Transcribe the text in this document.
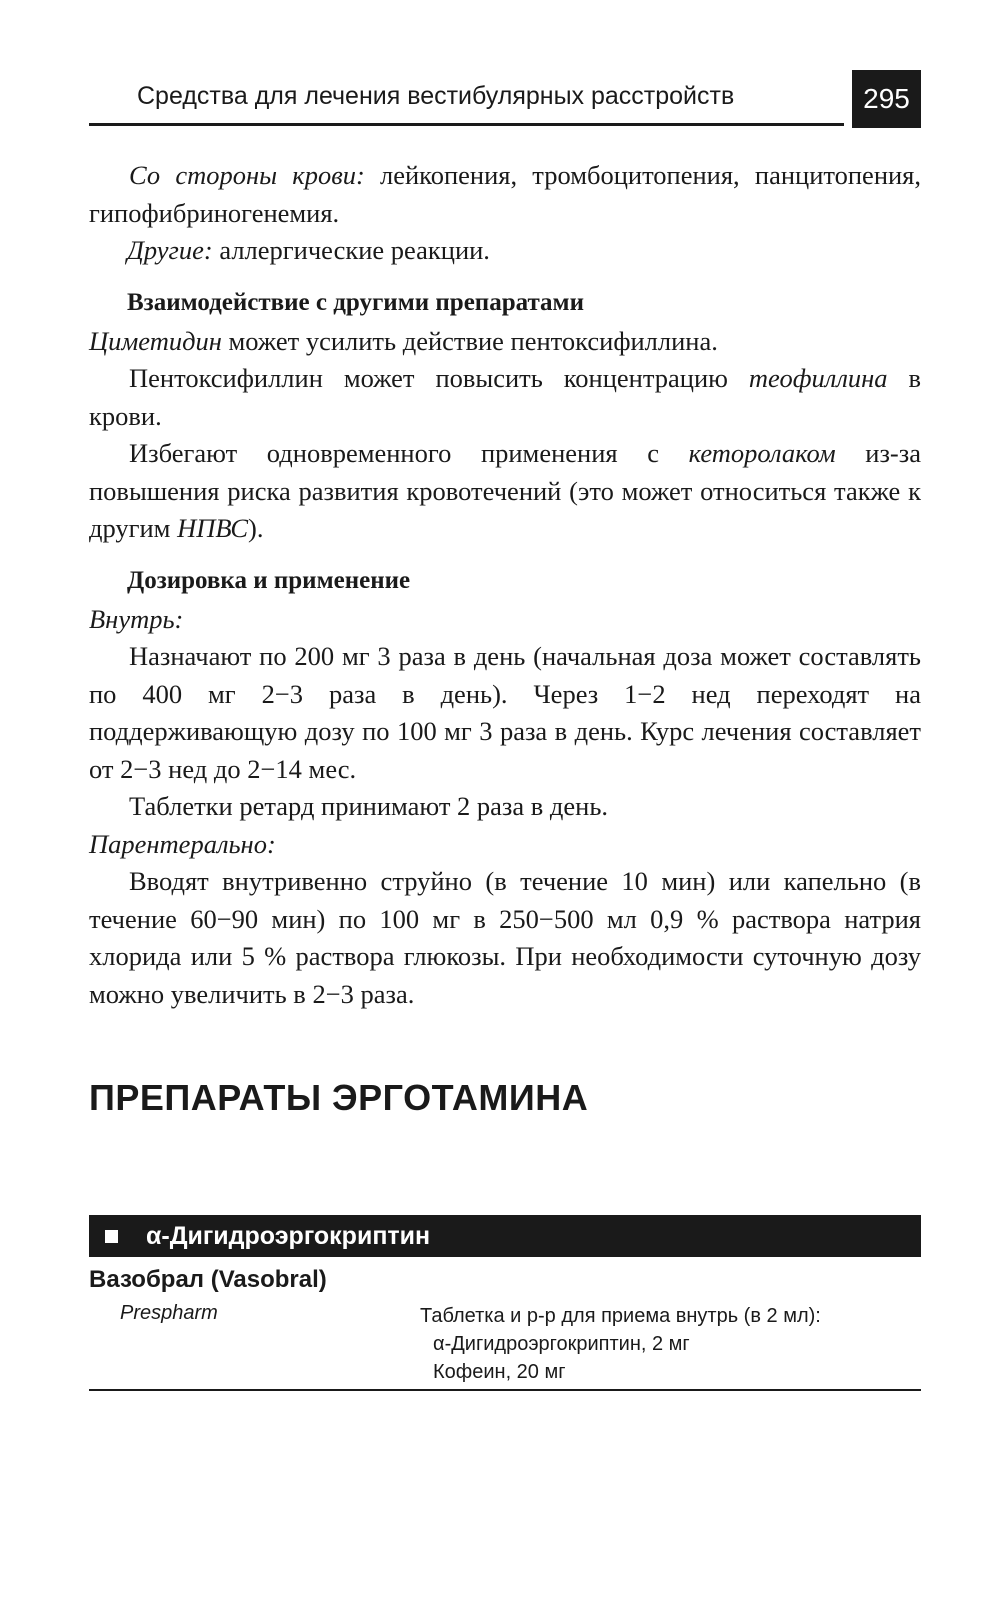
Средства для лечения вестибулярных расстройств	295

Со стороны крови: лейкопения, тромбоцитопения, панцитопения, гипофибриногенемия.

Другие: аллергические реакции.

Взаимодействие с другими препаратами

Циметидин может усилить действие пентоксифиллина.

Пентоксифиллин может повысить концентрацию теофиллина в крови.

Избегают одновременного применения с кеторолаком из-за повышения риска развития кровотечений (это может относиться также к другим НПВС).

Дозировка и применение

Внутрь:

Назначают по 200 мг 3 раза в день (начальная доза может составлять по 400 мг 2−3 раза в день). Через 1−2 нед переходят на поддерживающую дозу по 100 мг 3 раза в день. Курс лечения составляет от 2−3 нед до 2−14 мес.

Таблетки ретард принимают 2 раза в день.

Парентерально:

Вводят внутривенно струйно (в течение 10 мин) или капельно (в течение 60−90 мин) по 100 мг в 250−500 мл 0,9 % раствора натрия хлорида или 5 % раствора глюкозы. При необходимости суточную дозу можно увеличить в 2−3 раза.

ПРЕПАРАТЫ ЭРГОТАМИНА
α-Дигидроэргокриптин
Вазобрал (Vasobral)
Prespharm	Таблетка и р-р для приема внутрь (в 2 мл):
α-Дигидроэргокриптин, 2 мг
Кофеин, 20 мг
